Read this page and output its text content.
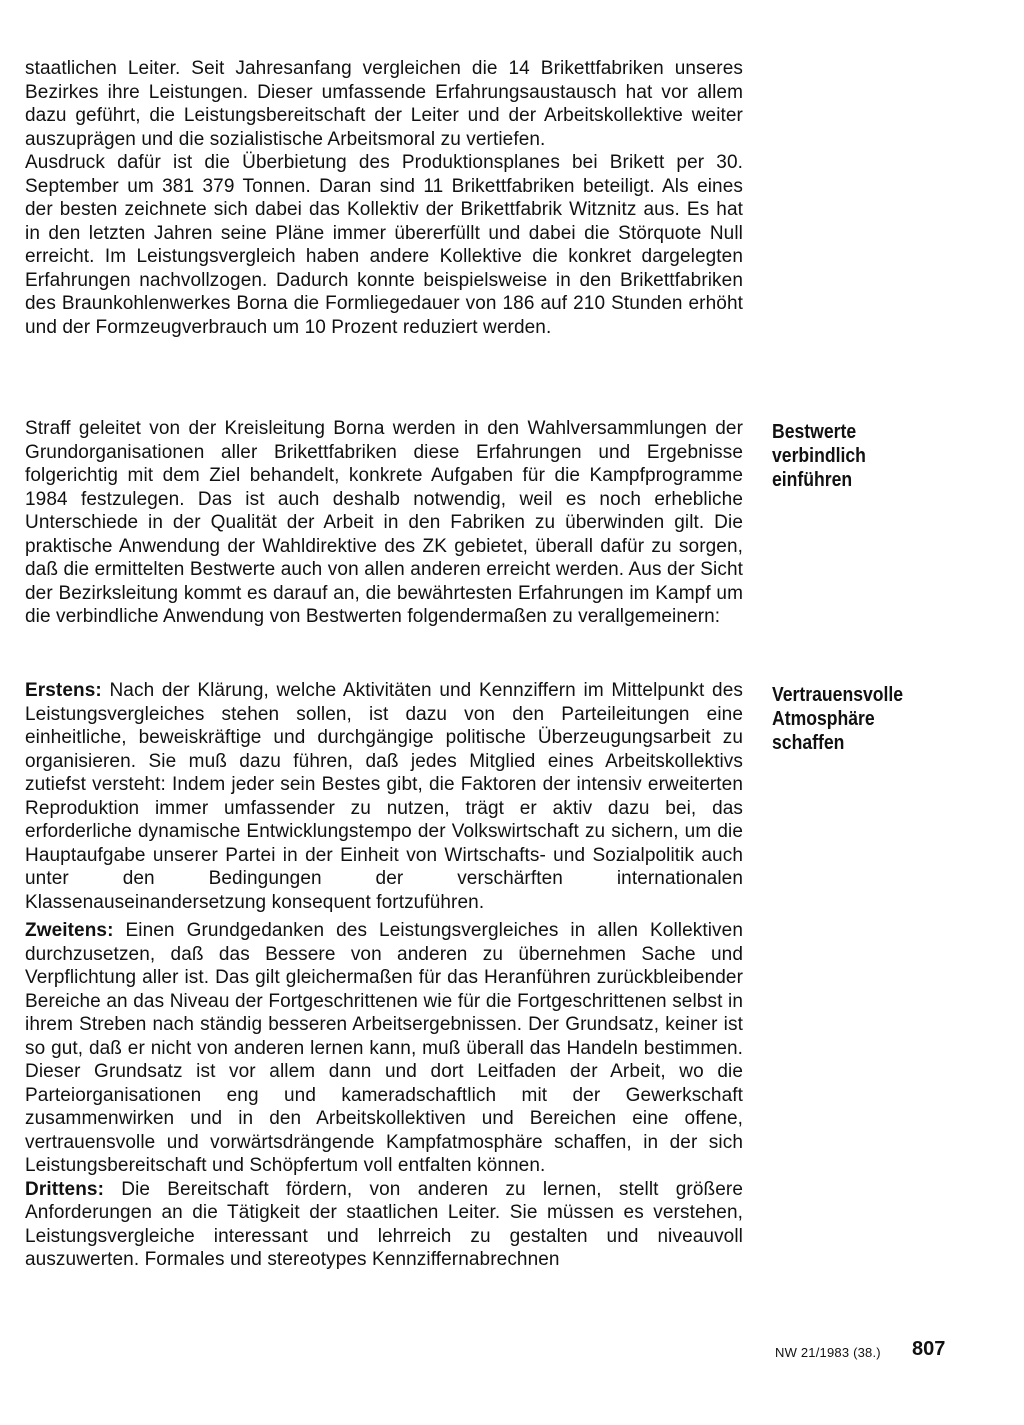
staatlichen Leiter. Seit Jahresanfang vergleichen die 14 Brikettfabriken unseres Bezirkes ihre Leistungen. Dieser umfassende Erfahrungsaustausch hat vor allem dazu geführt, die Leistungsbereitschaft der Leiter und der Arbeitskollektive weiter auszuprägen und die sozialistische Arbeitsmoral zu vertiefen.

Ausdruck dafür ist die Überbietung des Produktionsplanes bei Brikett per 30. September um 381 379 Tonnen. Daran sind 11 Brikettfabriken beteiligt. Als eines der besten zeichnete sich dabei das Kollektiv der Brikettfabrik Witznitz aus. Es hat in den letzten Jahren seine Pläne immer übererfüllt und dabei die Störquote Null erreicht. Im Leistungsvergleich haben andere Kollektive die konkret dargelegten Erfahrungen nachvollzogen. Dadurch konnte beispielsweise in den Brikettfabriken des Braunkohlenwerkes Borna die Formliegedauer von 186 auf 210 Stunden erhöht und der Formzeugverbrauch um 10 Prozent reduziert werden.

Straff geleitet von der Kreisleitung Borna werden in den Wahlversammlungen der Grundorganisationen aller Brikettfabriken diese Erfahrungen und Ergebnisse folgerichtig mit dem Ziel behandelt, konkrete Aufgaben für die Kampfprogramme 1984 festzulegen. Das ist auch deshalb notwendig, weil es noch erhebliche Unterschiede in der Qualität der Arbeit in den Fabriken zu überwinden gilt. Die praktische Anwendung der Wahldirektive des ZK gebietet, überall dafür zu sorgen, daß die ermittelten Bestwerte auch von allen anderen erreicht werden. Aus der Sicht der Bezirksleitung kommt es darauf an, die bewährtesten Erfahrungen im Kampf um die verbindliche Anwendung von Bestwerten folgendermaßen zu verallgemeinern:

Erstens: Nach der Klärung, welche Aktivitäten und Kennziffern im Mittelpunkt des Leistungsvergleiches stehen sollen, ist dazu von den Parteileitungen eine einheitliche, beweiskräftige und durchgängige politische Überzeugungsarbeit zu organisieren. Sie muß dazu führen, daß jedes Mitglied eines Arbeitskollektivs zutiefst versteht: Indem jeder sein Bestes gibt, die Faktoren der intensiv erweiterten Reproduktion immer umfassender zu nutzen, trägt er aktiv dazu bei, das erforderliche dynamische Entwicklungstempo der Volkswirtschaft zu sichern, um die Hauptaufgabe unserer Partei in der Einheit von Wirtschafts- und Sozialpolitik auch unter den Bedingungen der verschärften internationalen Klassenauseinandersetzung konsequent fortzuführen.

Zweitens: Einen Grundgedanken des Leistungsvergleiches in allen Kollektiven durchzusetzen, daß das Bessere von anderen zu übernehmen Sache und Verpflichtung aller ist. Das gilt gleichermaßen für das Heranführen zurückbleibender Bereiche an das Niveau der Fortgeschrittenen wie für die Fortgeschrittenen selbst in ihrem Streben nach ständig besseren Arbeitsergebnissen. Der Grundsatz, keiner ist so gut, daß er nicht von anderen lernen kann, muß überall das Handeln bestimmen. Dieser Grundsatz ist vor allem dann und dort Leitfaden der Arbeit, wo die Parteiorganisationen eng und kameradschaftlich mit der Gewerkschaft zusammenwirken und in den Arbeitskollektiven und Bereichen eine offene, vertrauensvolle und vorwärtsdrängende Kampfatmosphäre schaffen, in der sich Leistungsbereitschaft und Schöpfertum voll entfalten können.

Drittens: Die Bereitschaft fördern, von anderen zu lernen, stellt größere Anforderungen an die Tätigkeit der staatlichen Leiter. Sie müssen es verstehen, Leistungsvergleiche interessant und lehrreich zu gestalten und niveauvoll auszuwerten. Formales und stereotypes Kennziffernabrechnen

Bestwerte verbindlich einführen
Vertrauensvolle Atmosphäre schaffen
NW 21/1983 (38.) 807
